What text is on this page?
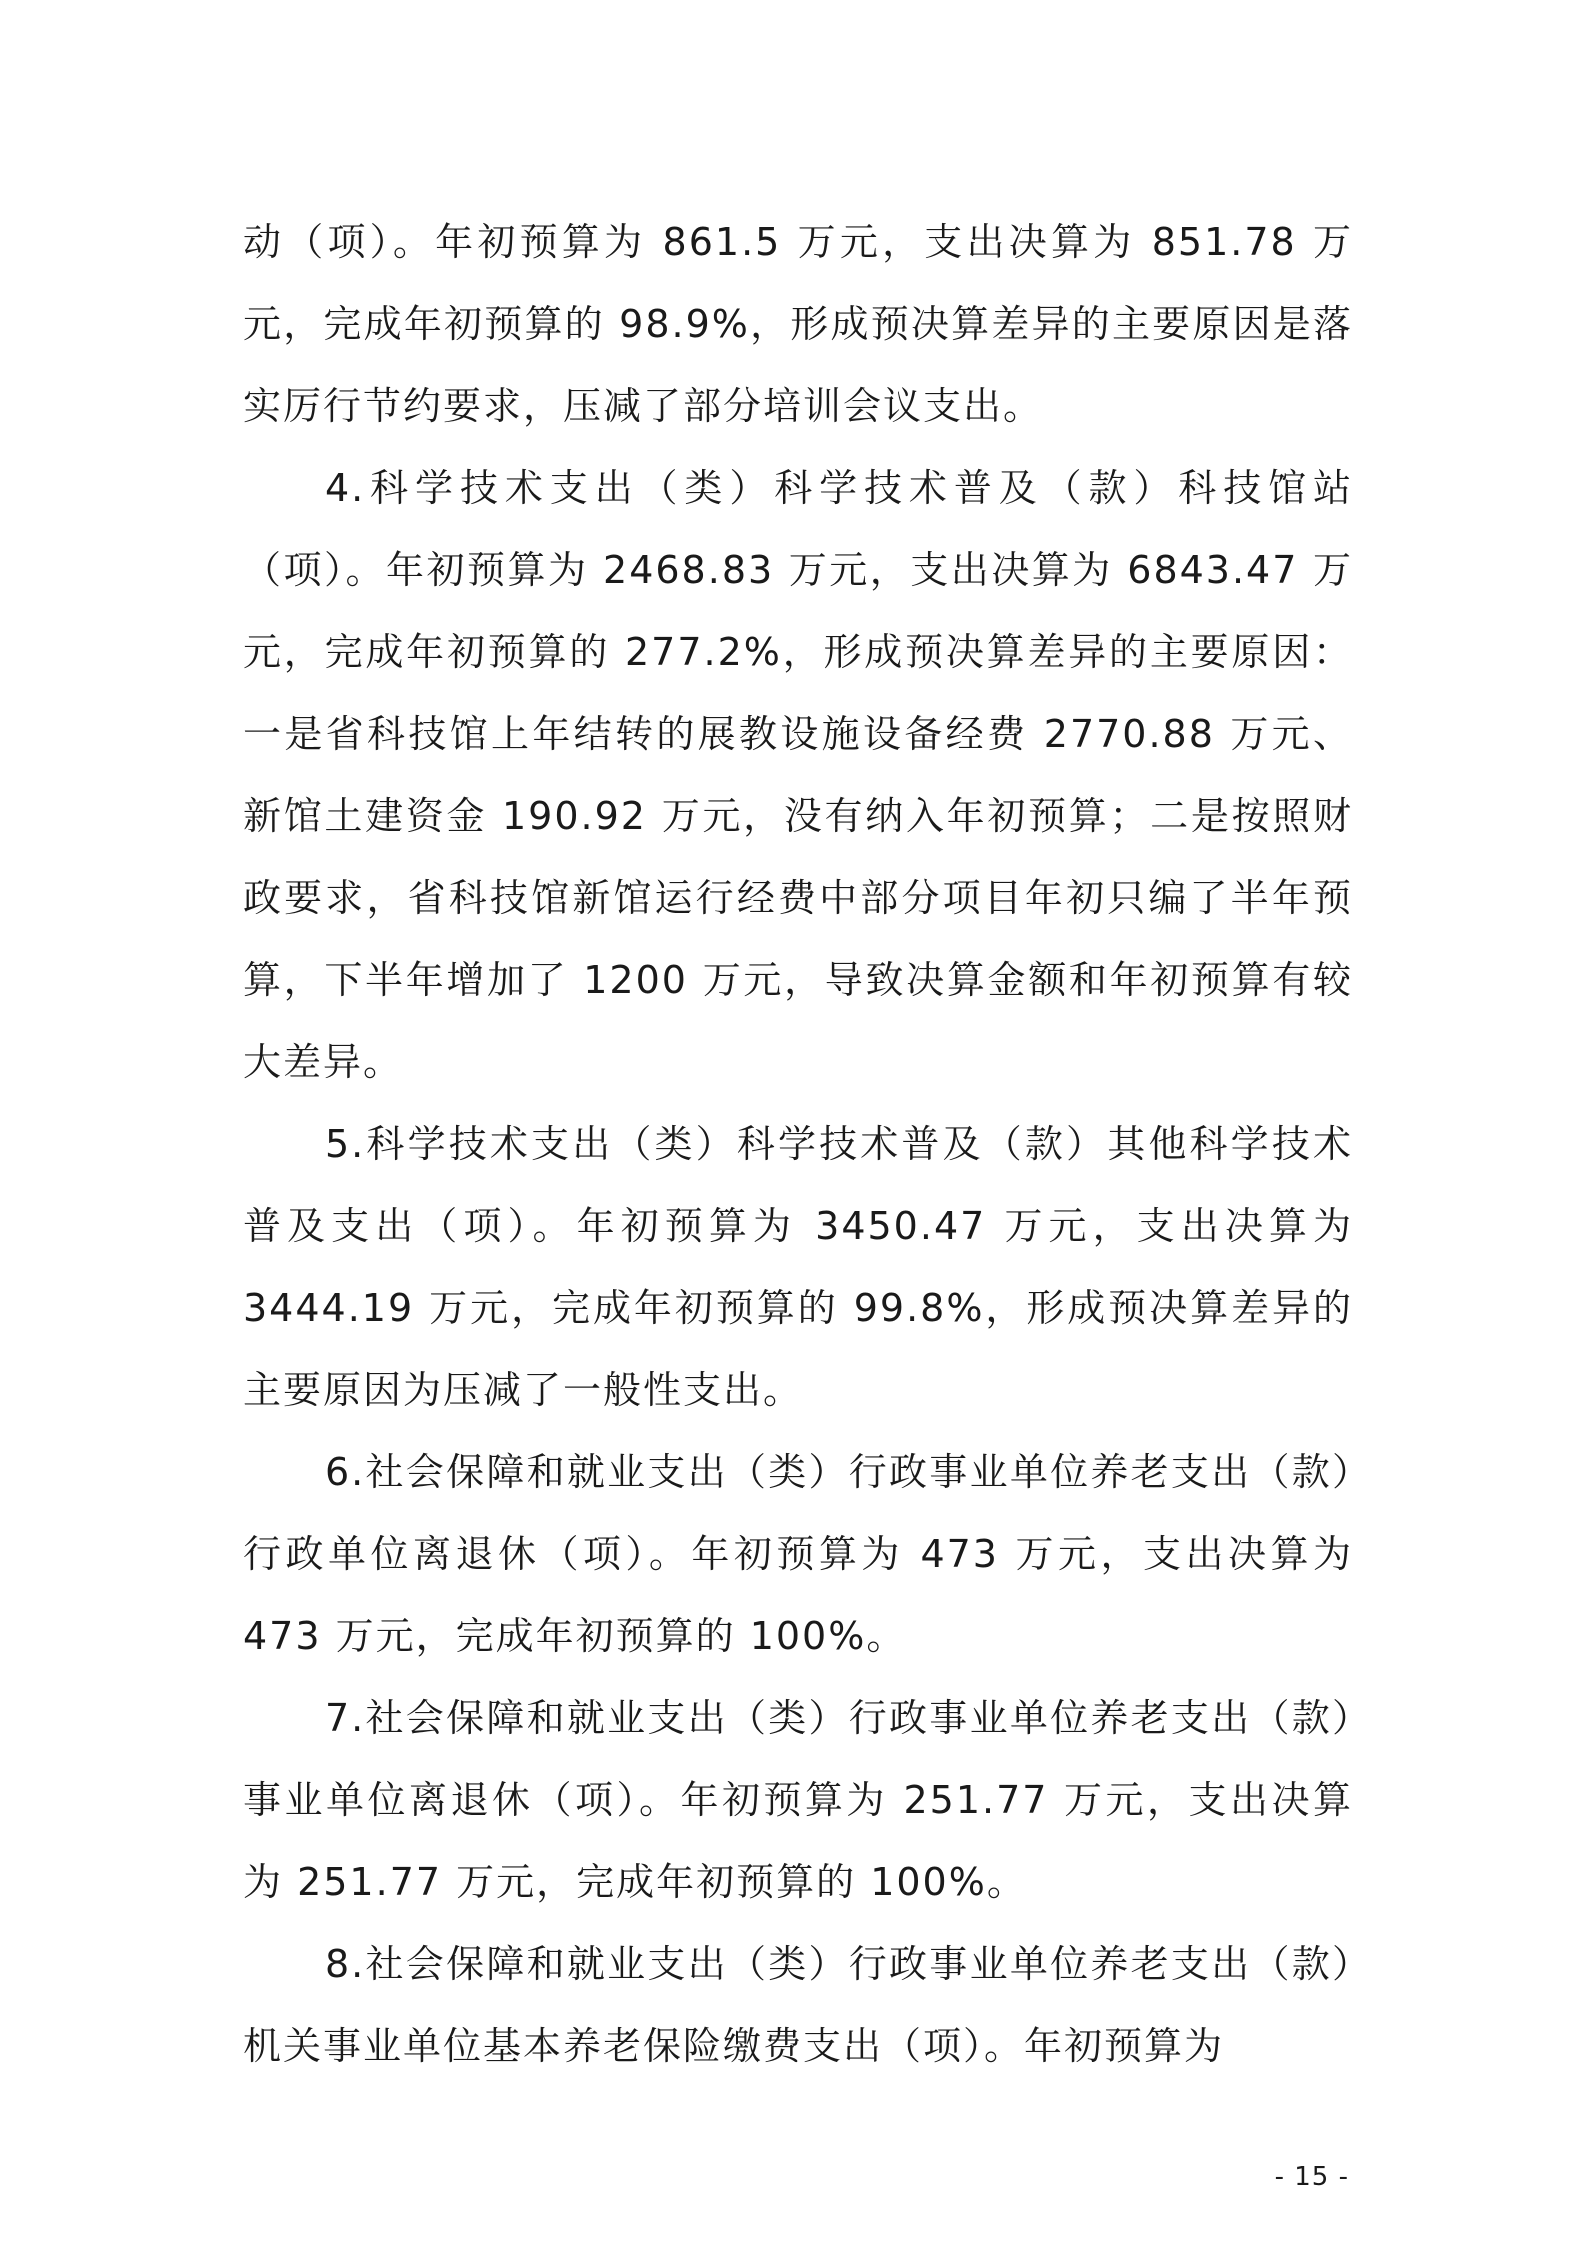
动（项）。年初预算为 861.5 万元，支出决算为 851.78 万元，完成年初预算的 98.9%，形成预决算差异的主要原因是落实厉行节约要求，压减了部分培训会议支出。

4.科学技术支出（类）科学技术普及（款）科技馆站（项）。年初预算为 2468.83 万元，支出决算为 6843.47 万元，完成年初预算的 277.2%，形成预决算差异的主要原因：一是省科技馆上年结转的展教设施设备经费 2770.88 万元、新馆土建资金 190.92 万元，没有纳入年初预算；二是按照财政要求，省科技馆新馆运行经费中部分项目年初只编了半年预算，下半年增加了 1200 万元，导致决算金额和年初预算有较大差异。

5.科学技术支出（类）科学技术普及（款）其他科学技术普及支出（项）。年初预算为 3450.47 万元，支出决算为 3444.19 万元，完成年初预算的 99.8%，形成预决算差异的主要原因为压减了一般性支出。

6.社会保障和就业支出（类）行政事业单位养老支出（款）行政单位离退休（项）。年初预算为 473 万元，支出决算为 473 万元，完成年初预算的 100%。

7.社会保障和就业支出（类）行政事业单位养老支出（款）事业单位离退休（项）。年初预算为 251.77 万元，支出决算为 251.77 万元，完成年初预算的 100%。

8.社会保障和就业支出（类）行政事业单位养老支出（款）机关事业单位基本养老保险缴费支出（项）。年初预算为

- 15 -
